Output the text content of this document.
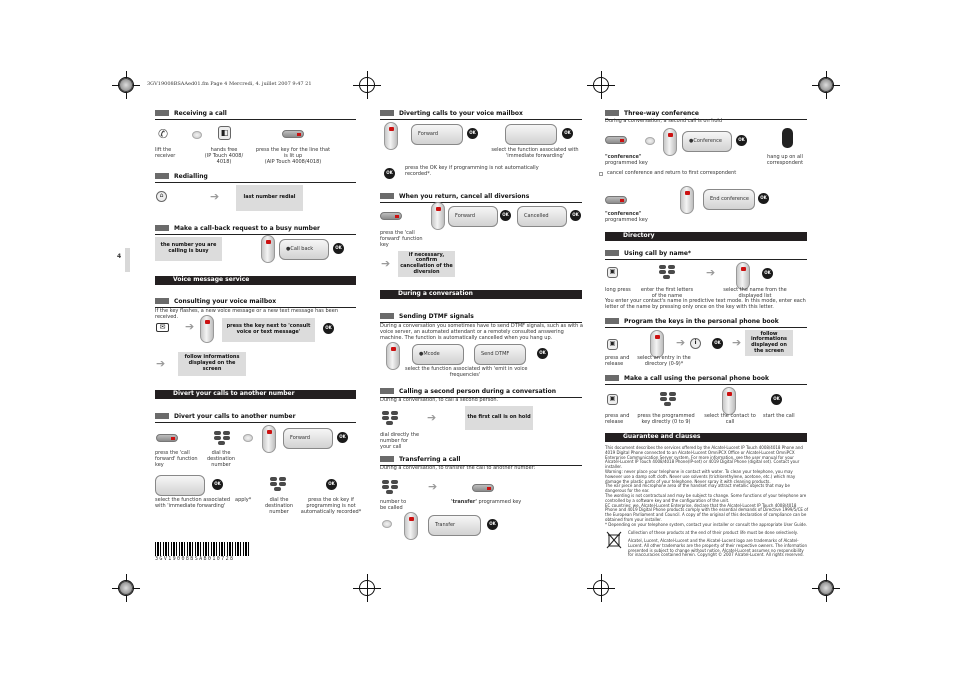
3GV19008BSAAed01.fm Page 4 Mercredi, 4. juillet 2007 9:47 21
4
Receiving a call
✆	◧
lift the
receiver
hands free
(IP Touch 4008/
4018)
press the key for the line that
is lit up
(AIP Touch 4008/4018)
Redialling
⌂	➔	last number redial
Make a call-back request to a busy number
the number you are calling is busy	● Call back	OK
Voice message service
Consulting your voice mailbox
If the key flashes, a new voice message or a new text message has been received.
✉	➔	press the key next to 'consult voice or text message'
OK
➔	follow informations displayed on the screen
Divert your calls to another number
Divert your calls to another number
Forward	OK
press the 'call
forward' function
key
dial the
destination
number
OK	OK
select the function associated
with 'immediate forwarding'
apply*	dial the
destination
number
press the ok key if
programming is not
automatically recorded*
3GV19008BSAB010728
Diverting calls to your voice mailbox
Forward	OK	OK
select the function associated with
'immediate forwarding'
OK
press the OK key if programming is not automatically
recorded*.
When you return, cancel all diversions
Forward	OK	Cancelled	OK
press the 'call
forward' function
key
➔
if necessary, confirm cancellation of the diversion
During a conversation
Sending DTMF signals
During a conversation you sometimes have to send DTMF signals, such as with a voice server, an automated attendant or a remotely consulted answering machine. The function is automatically cancelled when you hang up.
● Mcode	Send DTMF	OK
select the function associated with 'emit in voice
frequencies'
Calling a second person during a conversation
During a conversation, to call a second person.
➔	the first call is on hold
dial directly the
number for
your call
Transferring a call
During a conversation, to transfer the call to another number:
➔
number to
be called
'transfer' programmed key
Transfer	OK
Three-way conference
During a conversation, a second call is on hold
● Conference	OK
"conference"
programmed key
hang up on all
correspondent
cancel conference and return to first correspondent
End conference	OK
"conference"
programmed key
Directory
Using call by name*
▣	➔	OK
long press enter the first letters
of the name
select the name from the
displayed list
You enter your contact's name in predictive text mode. In this mode, enter each letter of the name by pressing only once on the key with this letter.
Program the keys in the personal phone book
▣	➔	i	OK ➔
follow informations displayed on the screen
press and
release
select an entry in the
directory (0-9)*
Make a call using the personal phone book
▣	OK
press and
release
press the programmed
key directly (0 to 9)
select the contact to
call
start the call
Guarantee and clauses

This document describes the services offered by the Alcatel-Lucent IP Touch 4008/4018 Phone and 4019 Digital Phone connected to an Alcatel-Lucent OmniPCX Office or Alcatel-Lucent OmniPCX Enterprise Communication Server system. For more information, see the user manual for your Alcatel-Lucent IP Touch 4008/4018 Phone(IP-set) or 4019 Digital Phone (digital set). Contact your installer.

Warning: never place your telephone in contact with water. To clean your telephone, you may however use a damp soft cloth. Never use solvents (trichlorethylene, acetone, etc.) which may damage the plastic parts of your telephone. Never spray it with cleaning products.

The ear piece and microphone area of the handset may attract metallic objects that may be dangerous for the ear.

The wording is not contractual and may be subject to change. Some functions of your telephone are controlled by a software key and the configuration of the unit.

EC countries: we, Alcatel-Lucent Enterprise, declare that the Alcatel-Lucent IP Touch 4008/4018 Phone and 4019 Digital Phone products comply with the essential demands of Directive 1999/5/CE of the European Parliament and Council. A copy of the original of this declaration of compliance can be obtained from your installer.

* Depending on your telephone system, contact your installer or consult the appropriate User Guide.

Collection of these products at the end of their product life must be done selectively.
Alcatel, Lucent, Alcatel-Lucent and the Alcatel-Lucent logo are trademarks of Alcatel-Lucent. All other trademarks are the property of their respective owners. The information presented is subject to change without notice. Alcatel-Lucent assumes no responsibility for inaccuracies contained herein. Copyright © 2007 Alcatel-Lucent. All rights reserved.
